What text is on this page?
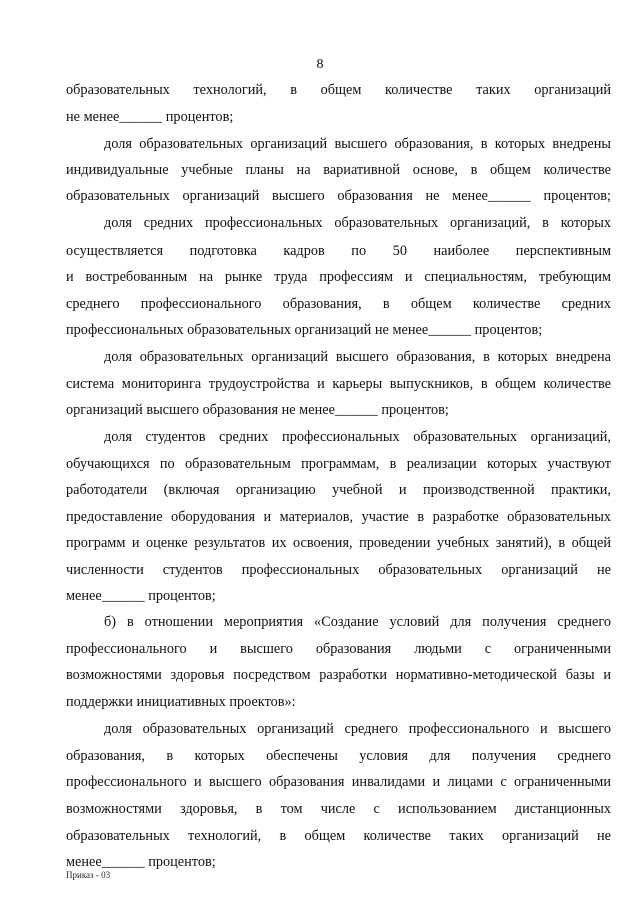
8
образовательных технологий, в общем количестве таких организаций
не менее______ процентов;
доля образовательных организаций высшего образования, в которых внедрены
индивидуальные учебные планы на вариативной основе, в общем количестве
образовательных организаций высшего образования не менее______ процентов;
доля средних профессиональных образовательных организаций, в которых
осуществляется подготовка кадров по 50 наиболее перспективным
и востребованным на рынке труда профессиям и специальностям, требующим
среднего профессионального образования, в общем количестве средних
профессиональных образовательных организаций не менее______ процентов;
доля образовательных организаций высшего образования, в которых внедрена
система мониторинга трудоустройства и карьеры выпускников, в общем количестве
организаций высшего образования не менее______ процентов;
доля студентов средних профессиональных образовательных организаций,
обучающихся по образовательным программам, в реализации которых участвуют
работодатели (включая организацию учебной и производственной практики,
предоставление оборудования и материалов, участие в разработке образовательных
программ и оценке результатов их освоения, проведении учебных занятий), в общей
численности студентов профессиональных образовательных организаций не
менее______ процентов;
б) в отношении мероприятия «Создание условий для получения среднего
профессионального и высшего образования людьми с ограниченными
возможностями здоровья посредством разработки нормативно-методической базы и
поддержки инициативных проектов»:
доля образовательных организаций среднего профессионального и высшего
образования, в которых обеспечены условия для получения среднего
профессионального и высшего образования инвалидами и лицами с ограниченными
возможностями здоровья, в том числе с использованием дистанционных
образовательных технологий, в общем количестве таких организаций не
менее______ процентов;
Приказ - 03
